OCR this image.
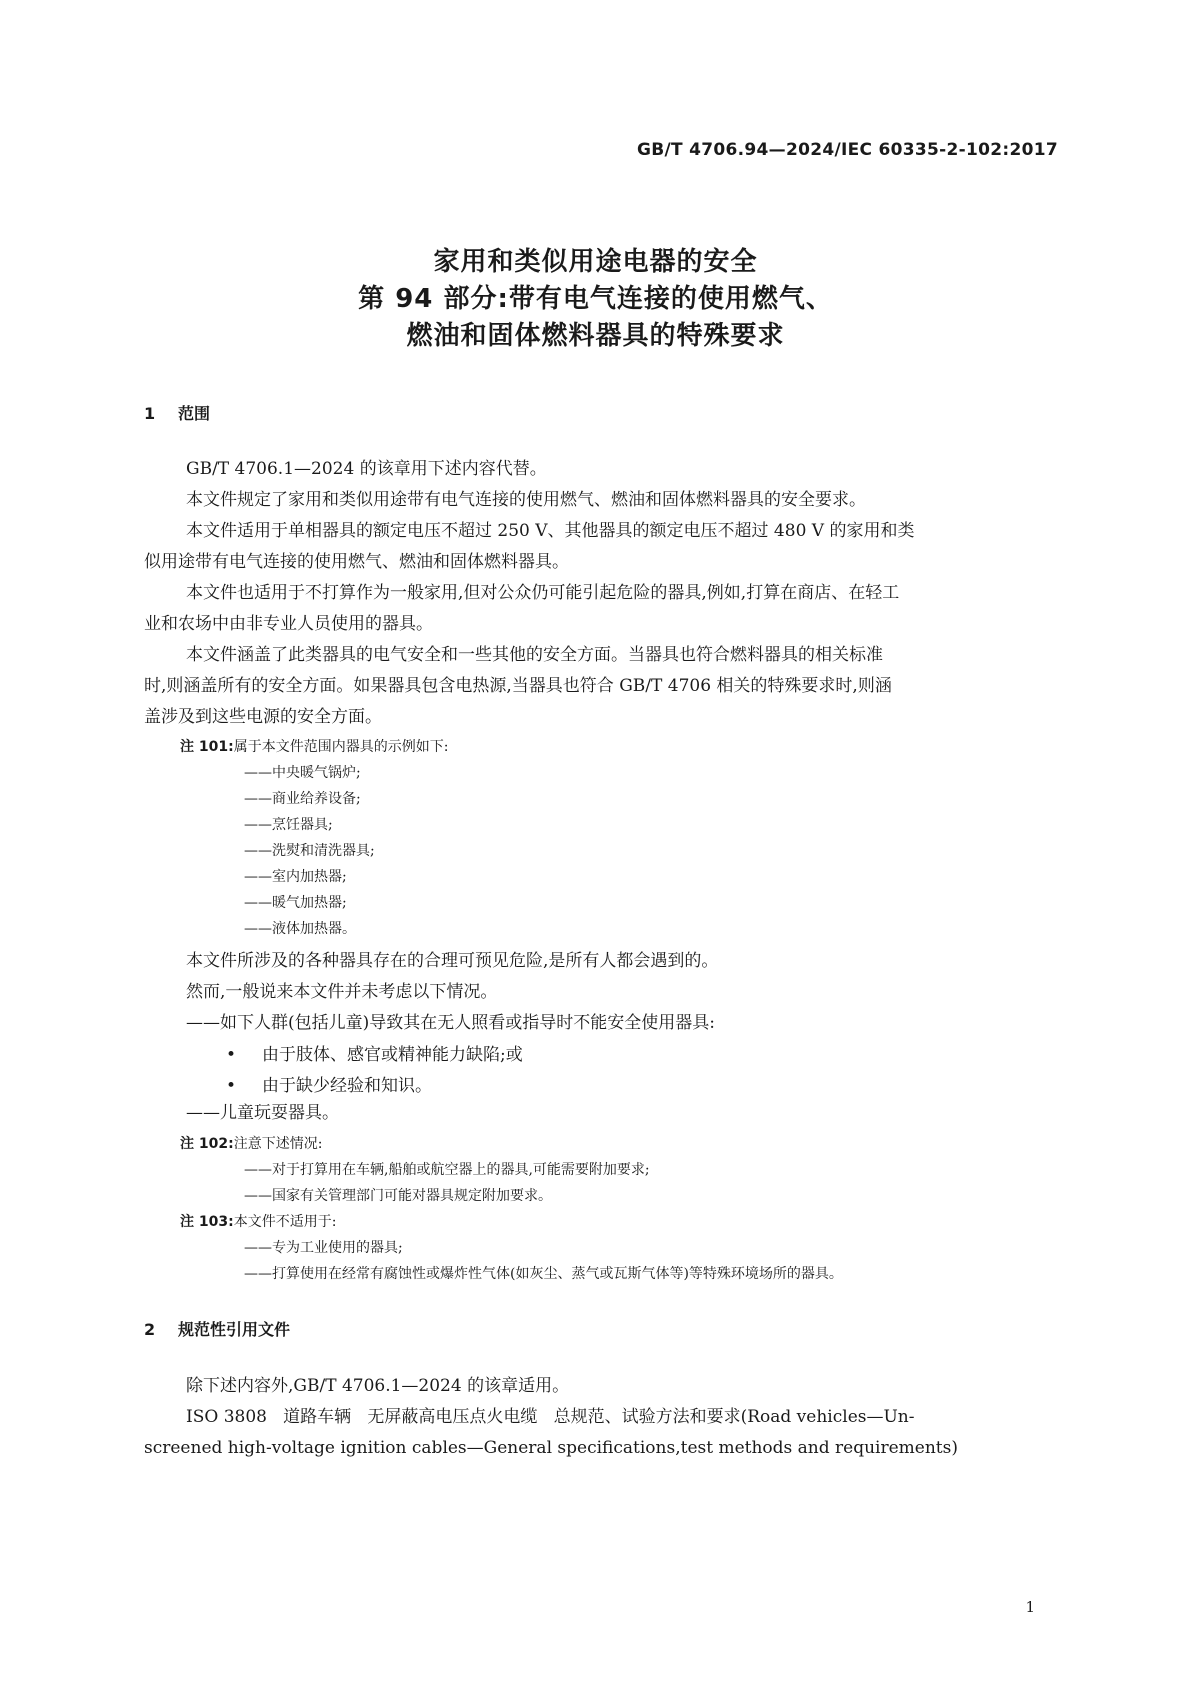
GB/T 4706.94—2024/IEC 60335-2-102:2017
家用和类似用途电器的安全
第 94 部分:带有电气连接的使用燃气、
燃油和固体燃料器具的特殊要求
1 范围
GB/T 4706.1—2024 的该章用下述内容代替。
本文件规定了家用和类似用途带有电气连接的使用燃气、燃油和固体燃料器具的安全要求。
本文件适用于单相器具的额定电压不超过 250 V、其他器具的额定电压不超过 480 V 的家用和类
似用途带有电气连接的使用燃气、燃油和固体燃料器具。
本文件也适用于不打算作为一般家用,但对公众仍可能引起危险的器具,例如,打算在商店、在轻工
业和农场中由非专业人员使用的器具。
本文件涵盖了此类器具的电气安全和一些其他的安全方面。当器具也符合燃料器具的相关标准
时,则涵盖所有的安全方面。如果器具包含电热源,当器具也符合 GB/T 4706 相关的特殊要求时,则涵
盖涉及到这些电源的安全方面。
注 101:属于本文件范围内器具的示例如下:
——中央暖气锅炉;
——商业给养设备;
——烹饪器具;
——洗熨和清洗器具;
——室内加热器;
——暖气加热器;
——液体加热器。
本文件所涉及的各种器具存在的合理可预见危险,是所有人都会遇到的。
然而,一般说来本文件并未考虑以下情况。
——如下人群(包括儿童)导致其在无人照看或指导时不能安全使用器具:
• 由于肢体、感官或精神能力缺陷;或
• 由于缺少经验和知识。
——儿童玩耍器具。
注 102:注意下述情况:
——对于打算用在车辆,船舶或航空器上的器具,可能需要附加要求;
——国家有关管理部门可能对器具规定附加要求。
注 103:本文件不适用于:
——专为工业使用的器具;
——打算使用在经常有腐蚀性或爆炸性气体(如灰尘、蒸气或瓦斯气体等)等特殊环境场所的器具。
2 规范性引用文件
除下述内容外,GB/T 4706.1—2024 的该章适用。
ISO 3808   道路车辆   无屏蔽高电压点火电缆   总规范、试验方法和要求(Road vehicles—Un-
screened high-voltage ignition cables—General specifications,test methods and requirements)
1
